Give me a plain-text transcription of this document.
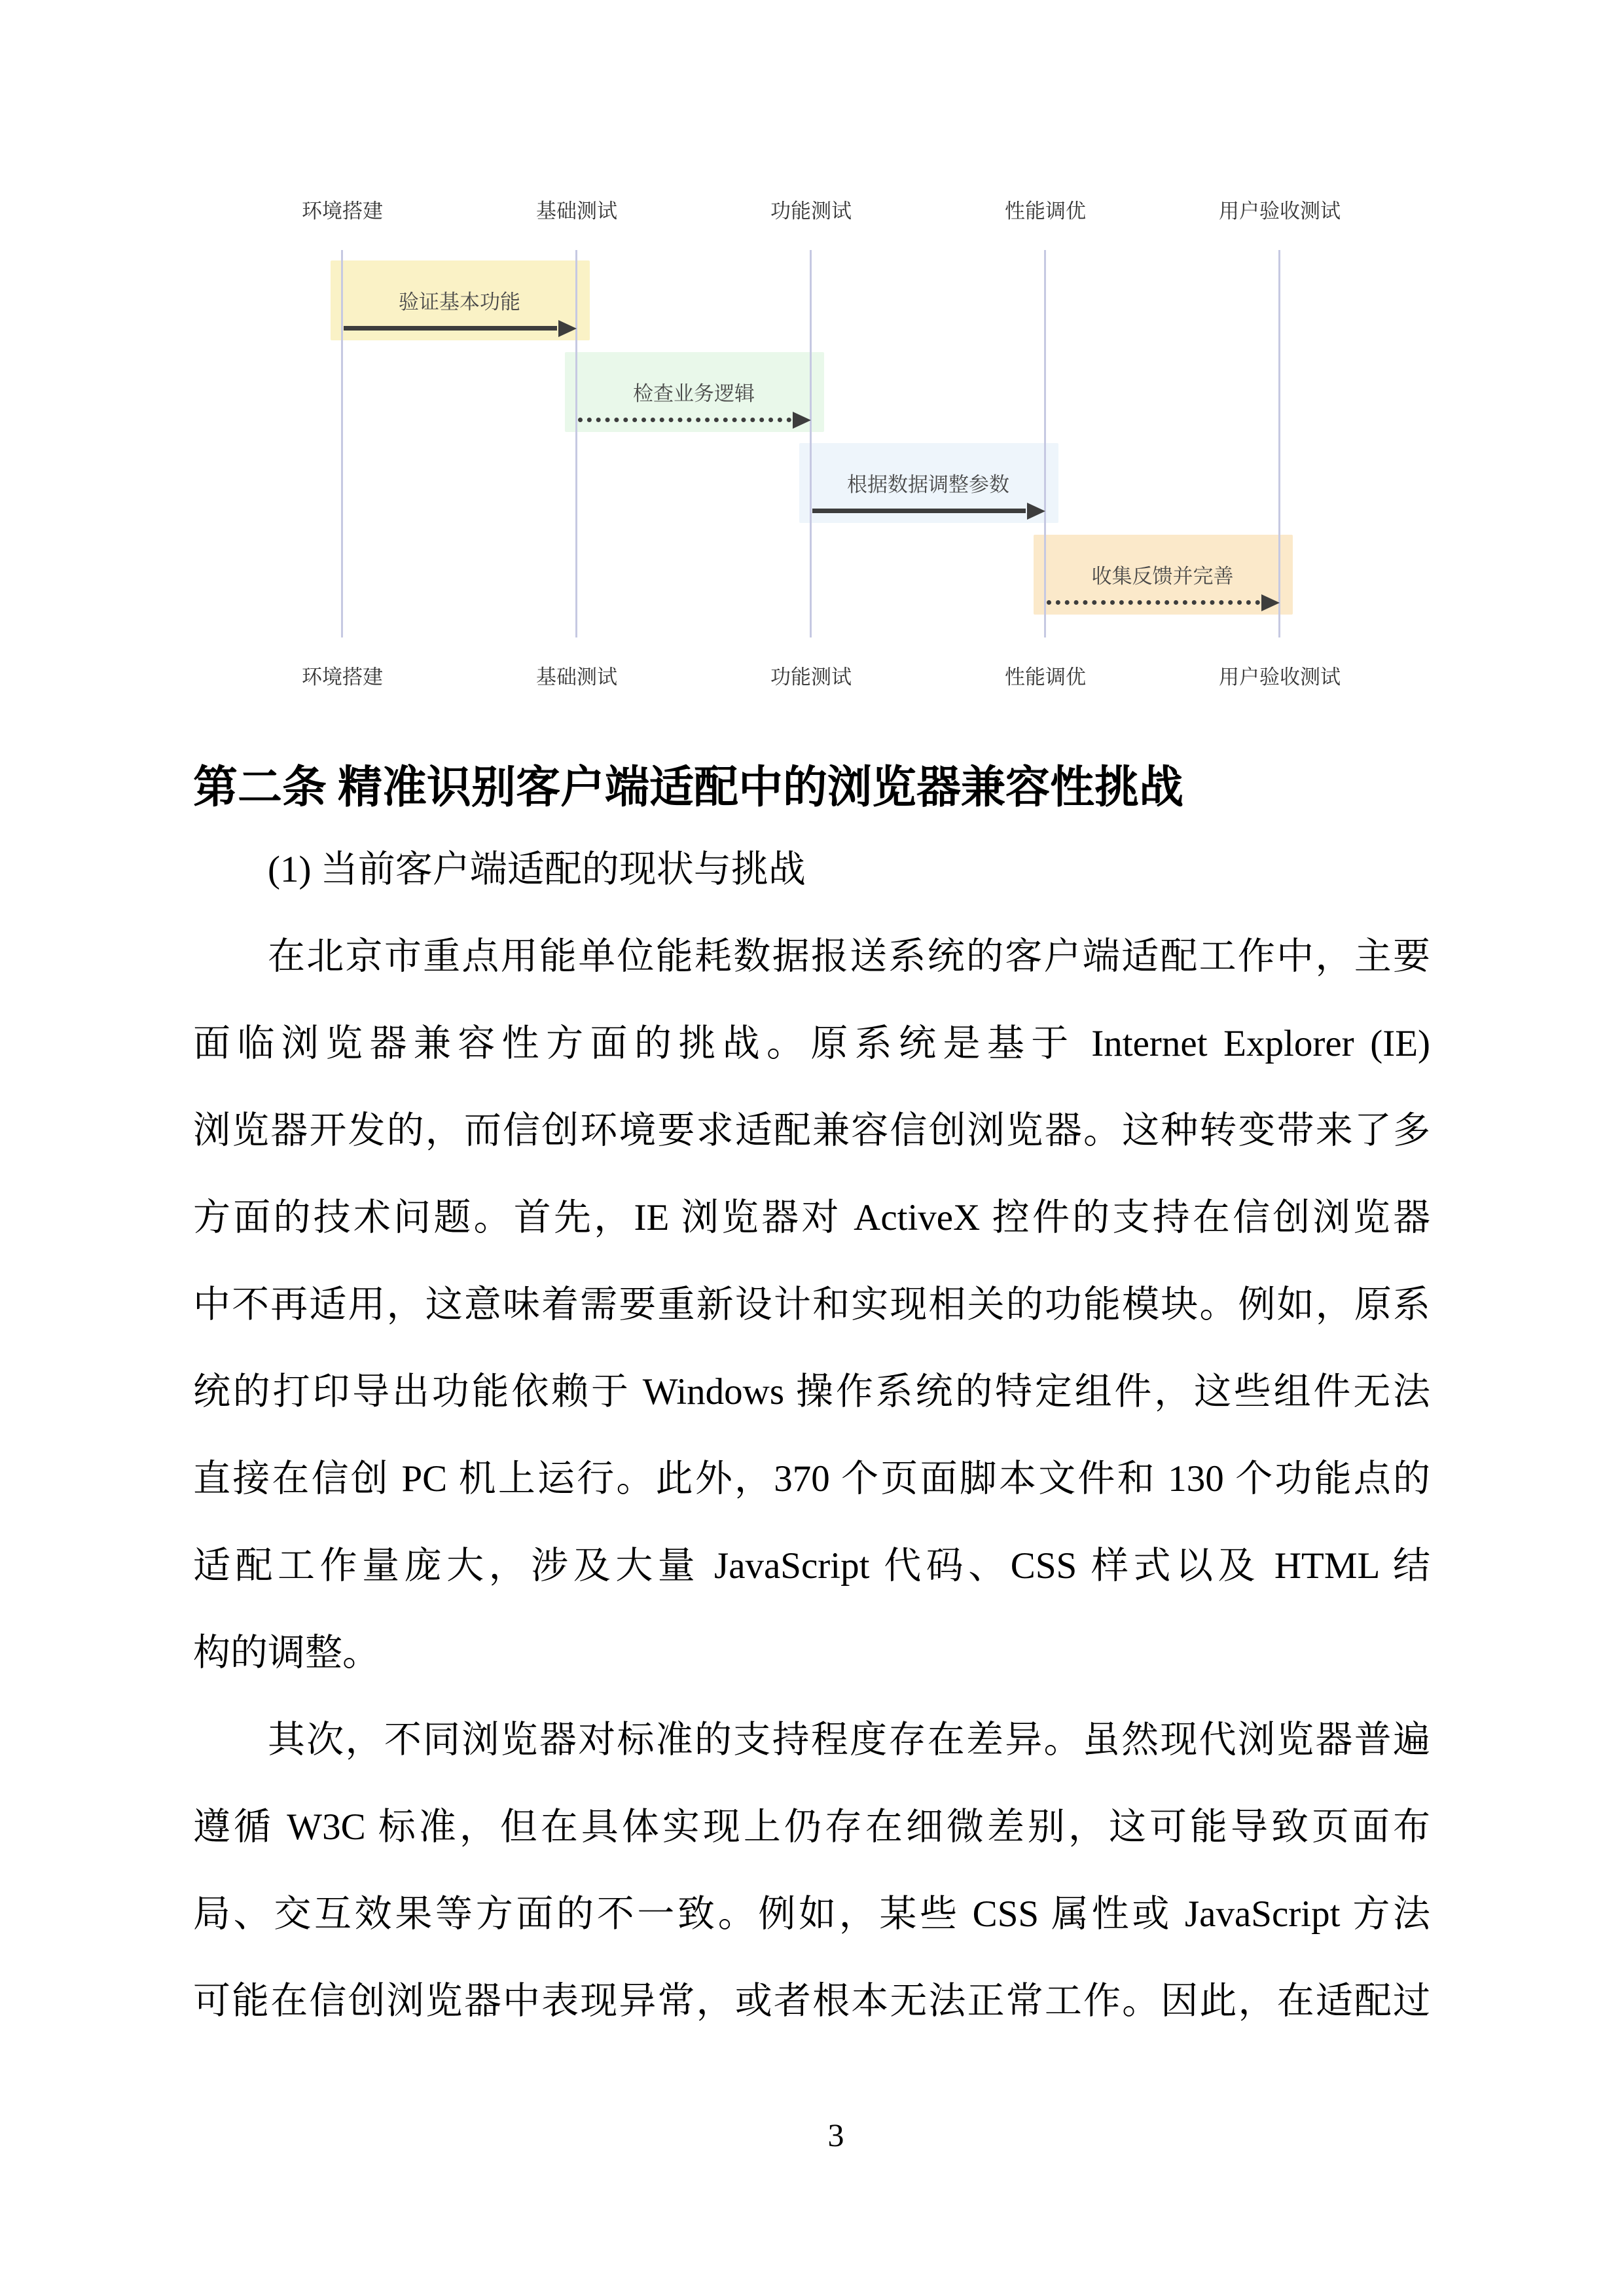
环境搭建
环境搭建
基础测试
基础测试
功能测试
功能测试
性能调优
性能调优
用户验收测试
用户验收测试
验证基本功能
检查业务逻辑
根据数据调整参数
收集反馈并完善
第二条 精准识别客户端适配中的浏览器兼容性挑战
(1) 当前客户端适配的现状与挑战
在北京市重点用能单位能耗数据报送系统的客户端适配工作中，主要
面临浏览器兼容性方面的挑战。原系统是基于 Internet Explorer (IE)
浏览器开发的，而信创环境要求适配兼容信创浏览器。这种转变带来了多
方面的技术问题。首先，IE 浏览器对 ActiveX 控件的支持在信创浏览器
中不再适用，这意味着需要重新设计和实现相关的功能模块。例如，原系
统的打印导出功能依赖于 Windows 操作系统的特定组件，这些组件无法
直接在信创 PC 机上运行。此外，370 个页面脚本文件和 130 个功能点的
适配工作量庞大，涉及大量 JavaScript 代码、CSS 样式以及 HTML 结
构的调整。
其次，不同浏览器对标准的支持程度存在差异。虽然现代浏览器普遍
遵循 W3C 标准，但在具体实现上仍存在细微差别，这可能导致页面布
局、交互效果等方面的不一致。例如，某些 CSS 属性或 JavaScript 方法
可能在信创浏览器中表现异常，或者根本无法正常工作。因此，在适配过
3
